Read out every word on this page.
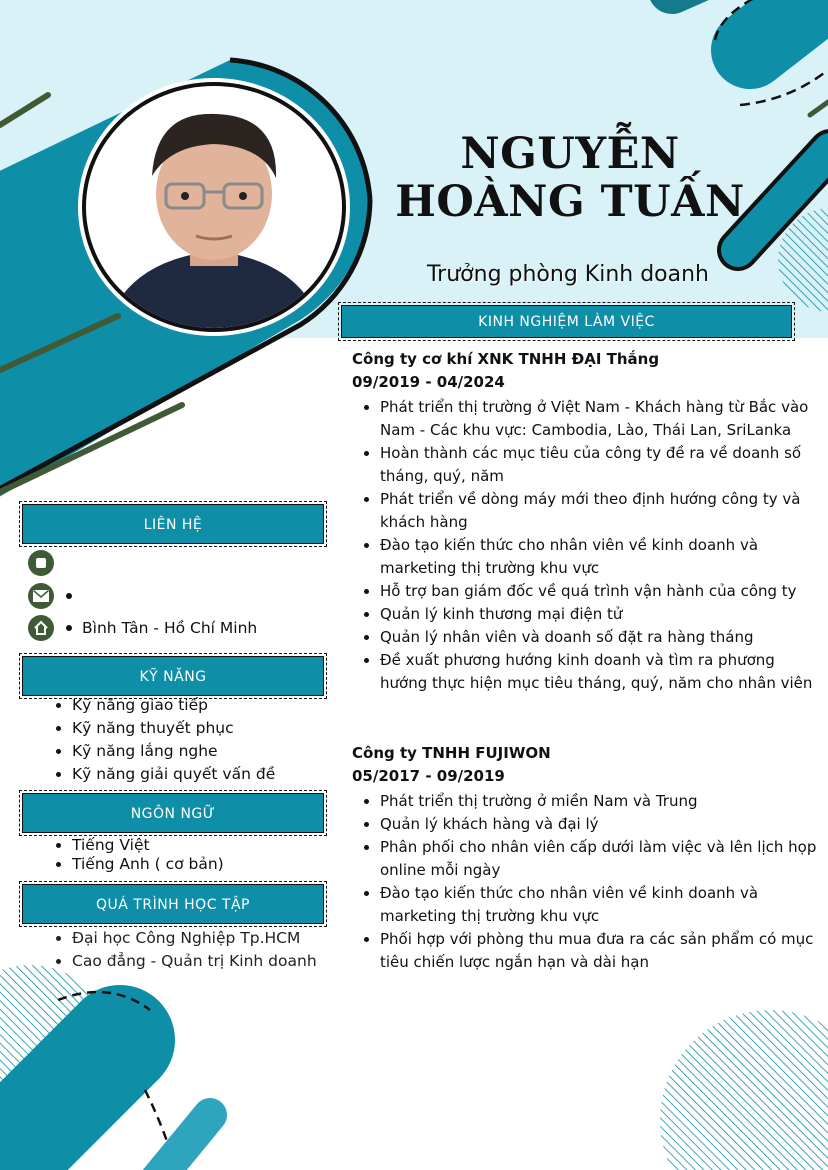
NGUYỄN
HOÀNG TUẤN
Trưởng phòng Kinh doanh
KINH NGHIỆM LÀM VIỆC
Công ty cơ khí XNK TNHH ĐẠI Thắng
09/2019 - 04/2024
• Phát triển thị trường ở Việt Nam - Khách hàng từ Bắc vào Nam - Các khu vực: Cambodia, Lào, Thái Lan, SriLanka
• Hoàn thành các mục tiêu của công ty đề ra về doanh số tháng, quý, năm
• Phát triển về dòng máy mới theo định hướng công ty và khách hàng
• Đào tạo kiến thức cho nhân viên về kinh doanh và marketing thị trường khu vực
• Hỗ trợ ban giám đốc về quá trình vận hành của công ty
• Quản lý kinh thương mại điện tử
• Quản lý nhân viên và doanh số đặt ra hàng tháng
• Đề xuất phương hướng kinh doanh và tìm ra phương hướng thực hiện mục tiêu tháng, quý, năm cho nhân viên
Công ty TNHH FUJIWON
05/2017 - 09/2019
• Phát triển thị trường ở miền Nam và Trung
• Quản lý khách hàng và đại lý
• Phân phối cho nhân viên cấp dưới làm việc và lên lịch họp online mỗi ngày
• Đào tạo kiến thức cho nhân viên về kinh doanh và marketing thị trường khu vực
• Phối hợp với phòng thu mua đưa ra các sản phẩm có mục tiêu chiến lược ngắn hạn và dài hạn
LIÊN HỆ
Bình Tân - Hồ Chí Minh
KỸ NĂNG
• Kỹ năng giao tiếp
• Kỹ năng thuyết phục
• Kỹ năng lắng nghe
• Kỹ năng giải quyết vấn đề
NGÔN NGỮ
• Tiếng Việt
• Tiếng Anh ( cơ bản)
QUÁ TRÌNH HỌC TẬP
• Đại học Công Nghiệp Tp.HCM
• Cao đẳng - Quản trị Kinh doanh
